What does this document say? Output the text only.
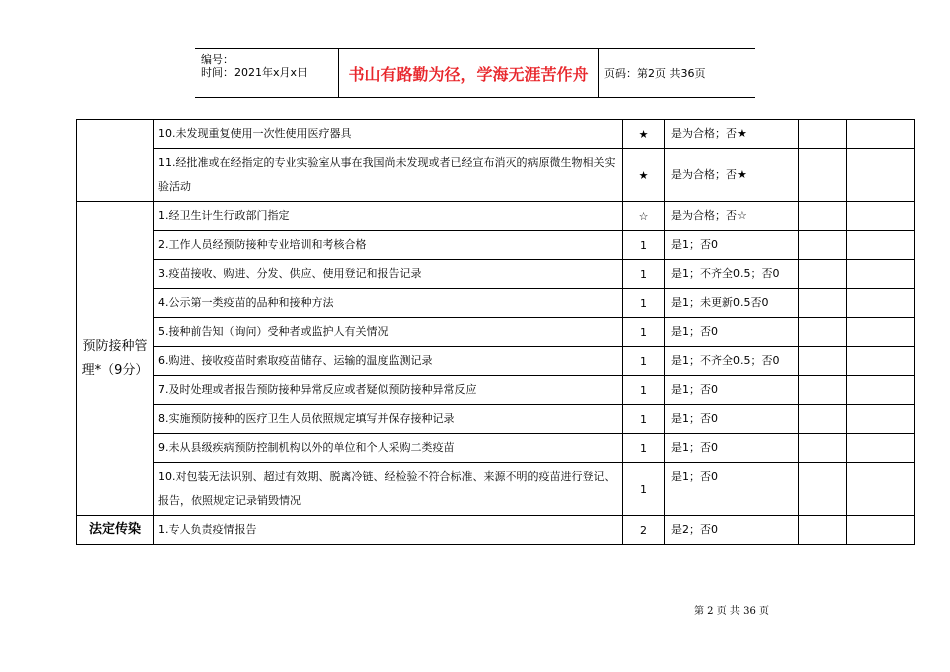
编号：
时间：2021年x月x日	书山有路勤为径，学海无涯苦作舟	页码：第2页 共36页
	10.未发现重复使用一次性使用医疗器具	★	是为合格；否★		
	11.经批准或在经指定的专业实验室从事在我国尚未发现或者已经宣布消灭的病原微生物相关实验活动	★	是为合格；否★		
预防接种管理*（9分）	1.经卫生计生行政部门指定	☆	是为合格；否☆		
	2.工作人员经预防接种专业培训和考核合格	1	是1；否0		
	3.疫苗接收、购进、分发、供应、使用登记和报告记录	1	是1；不齐全0.5；否0		
	4.公示第一类疫苗的品种和接种方法	1	是1；未更新0.5否0		
	5.接种前告知（询问）受种者或监护人有关情况	1	是1；否0		
	6.购进、接收疫苗时索取疫苗储存、运输的温度监测记录	1	是1；不齐全0.5；否0		
	7.及时处理或者报告预防接种异常反应或者疑似预防接种异常反应	1	是1；否0		
	8.实施预防接种的医疗卫生人员依照规定填写并保存接种记录	1	是1；否0		
	9.未从县级疾病预防控制机构以外的单位和个人采购二类疫苗	1	是1；否0		
	10.对包装无法识别、超过有效期、脱离冷链、经检验不符合标准、来源不明的疫苗进行登记、报告，依照规定记录销毁情况	1	是1；否0		
法定传染	1.专人负责疫情报告	2	是2；否0		
第 2 页 共 36 页
